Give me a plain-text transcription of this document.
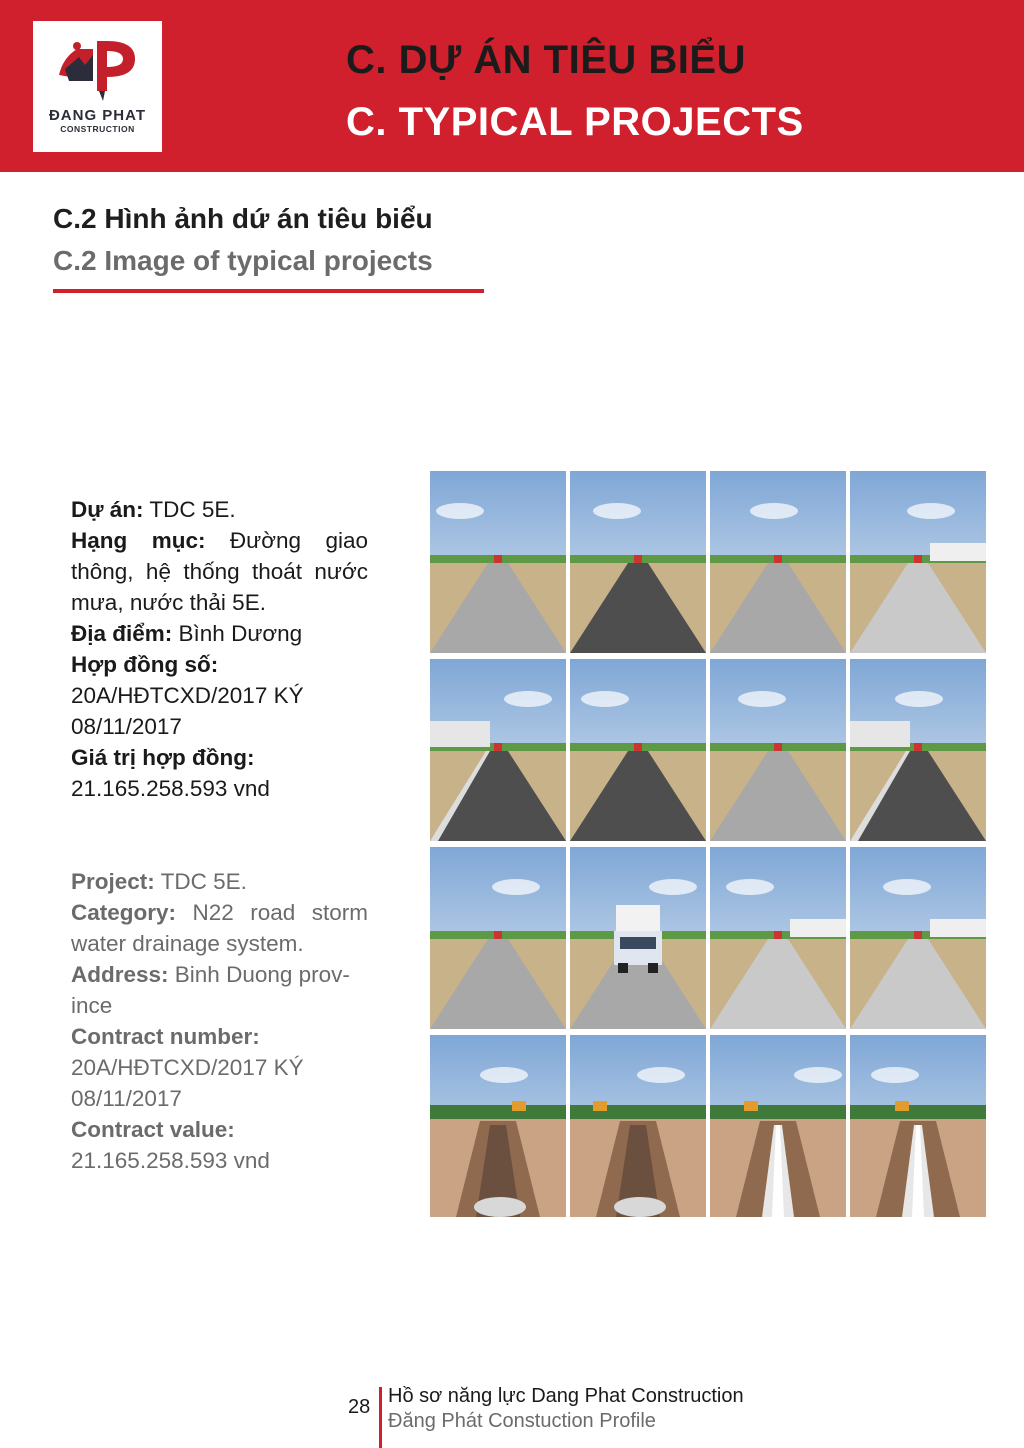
ĐANG PHAT
CONSTRUCTION
C. DỰ ÁN TIÊU BIỂU
C. TYPICAL PROJECTS
C.2 Hình ảnh dứ án tiêu biểu
C.2 Image of typical projects

Dự án: TDC 5E.

Hạng mục: Đường giao thông, hệ thống thoát nước mưa, nước thải 5E.

Địa điểm: Bình Dương

Hợp đồng số:

20A/HĐTCXD/2017 KÝ

08/11/2017

Giá trị hợp đồng:

21.165.258.593 vnd

Project: TDC 5E.

Category: N22 road storm water drainage system.

Address: Binh Duong prov-ince

Contract number:

20A/HĐTCXD/2017 KÝ

08/11/2017

Contract value:

21.165.258.593 vnd

28 Hồ sơ năng lực Dang Phat Construction
Đăng Phát Constuction Profile
